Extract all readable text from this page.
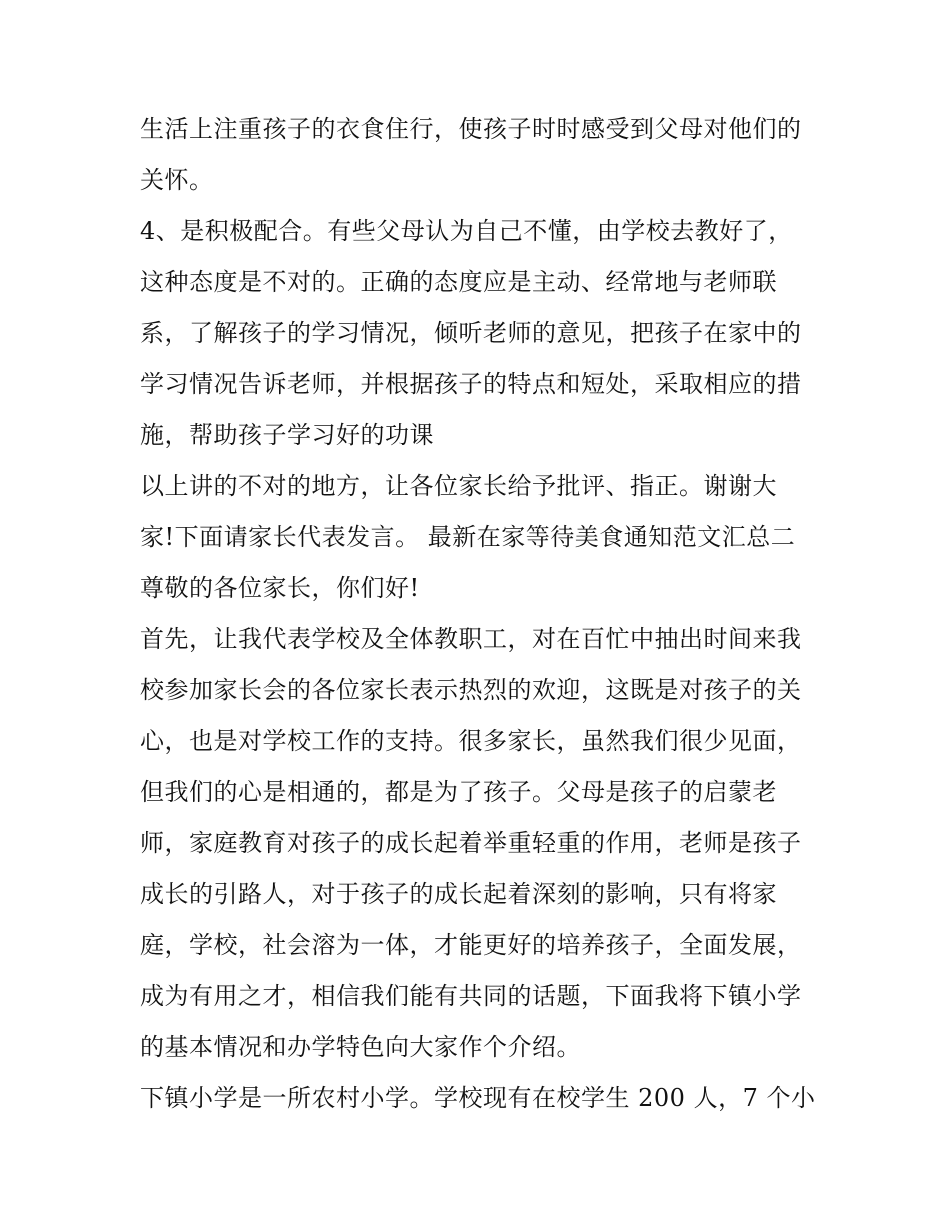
生活上注重孩子的衣食住行，使孩子时时感受到父母对他们的
关怀。
4、是积极配合。有些父母认为自己不懂，由学校去教好了，
这种态度是不对的。正确的态度应是主动、经常地与老师联
系，了解孩子的学习情况，倾听老师的意见，把孩子在家中的
学习情况告诉老师，并根据孩子的特点和短处，采取相应的措
施，帮助孩子学习好的功课
以上讲的不对的地方，让各位家长给予批评、指正。谢谢大
家!下面请家长代表发言。 最新在家等待美食通知范文汇总二
尊敬的各位家长，你们好!
首先，让我代表学校及全体教职工，对在百忙中抽出时间来我
校参加家长会的各位家长表示热烈的欢迎，这既是对孩子的关
心，也是对学校工作的支持。很多家长，虽然我们很少见面，
但我们的心是相通的，都是为了孩子。父母是孩子的启蒙老
师，家庭教育对孩子的成长起着举重轻重的作用，老师是孩子
成长的引路人，对于孩子的成长起着深刻的影响，只有将家
庭，学校，社会溶为一体，才能更好的培养孩子，全面发展，
成为有用之才，相信我们能有共同的话题，下面我将下镇小学
的基本情况和办学特色向大家作个介绍。
下镇小学是一所农村小学。学校现有在校学生 200 人，7 个小
